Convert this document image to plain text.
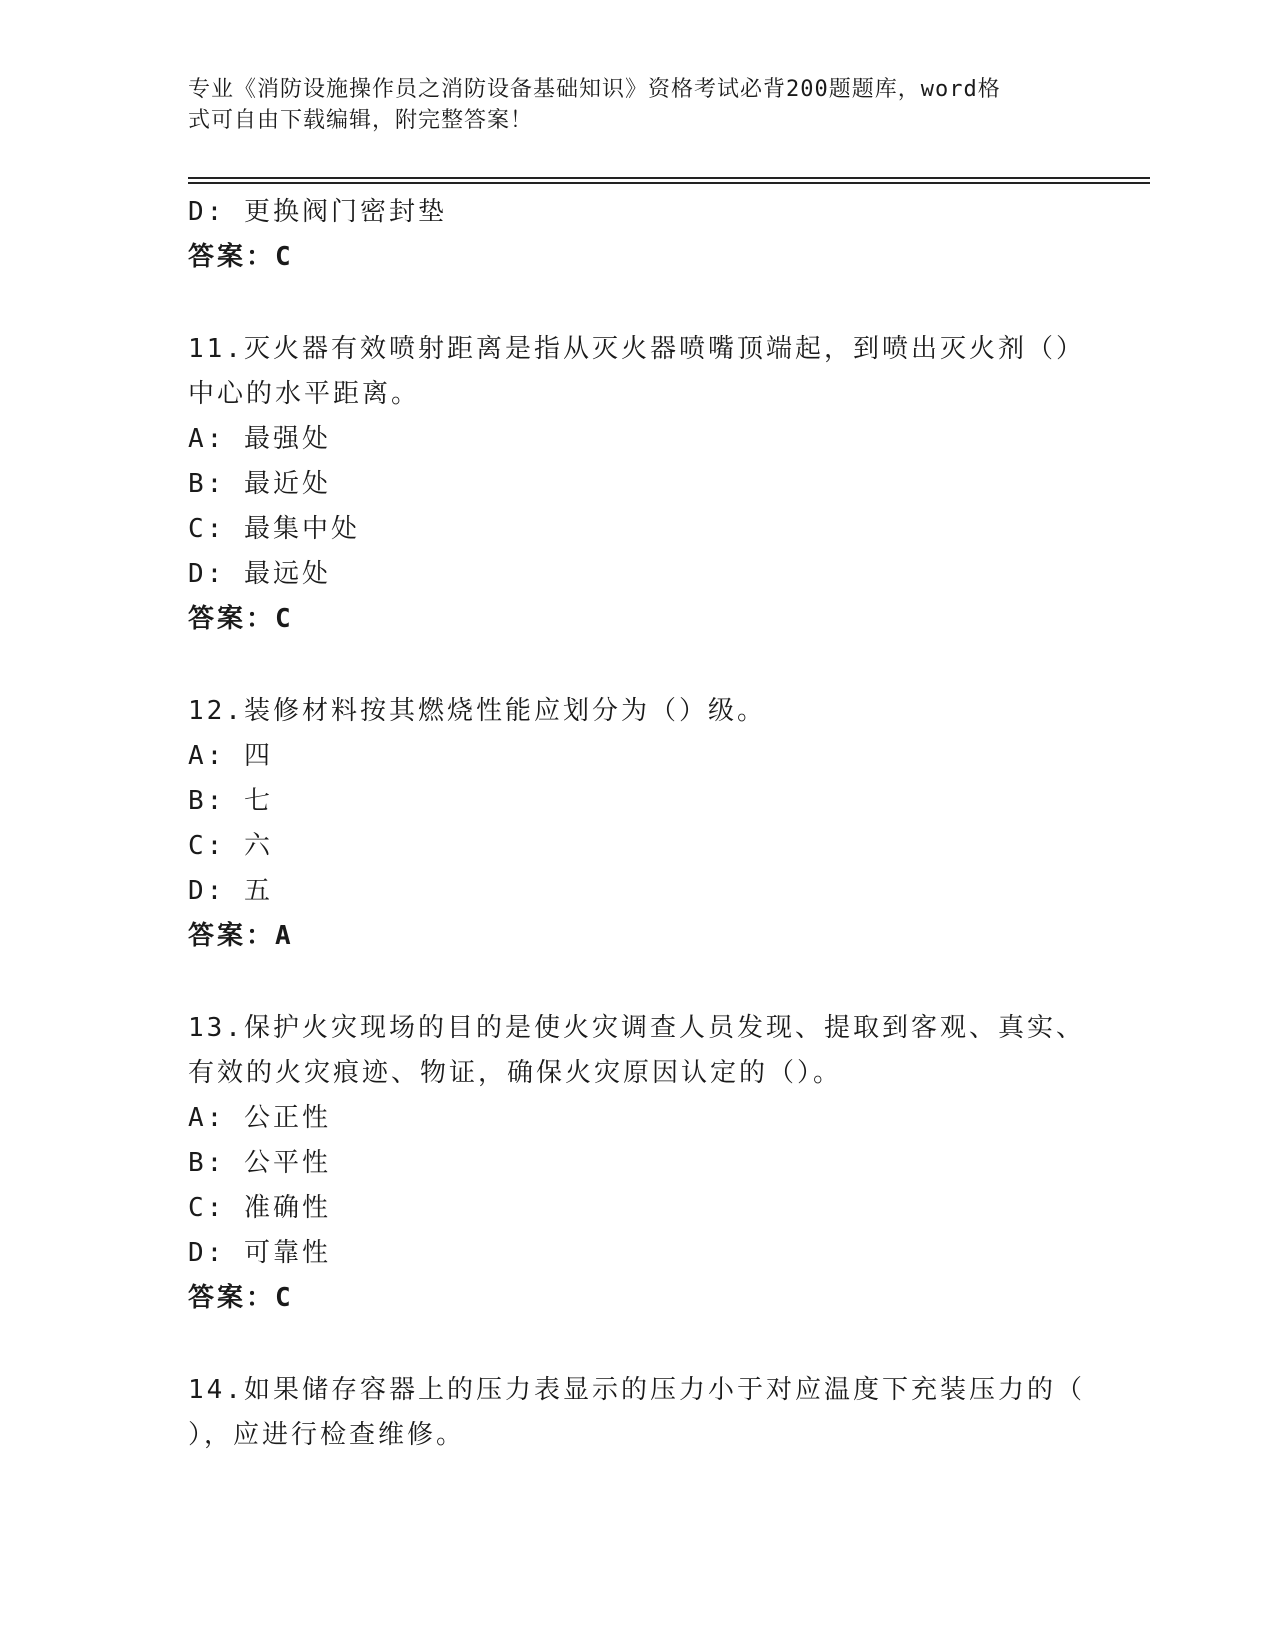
专业《消防设施操作员之消防设备基础知识》资格考试必背200题题库，word格
式可自由下载编辑，附完整答案！
D: 更换阀门密封垫
答案：C
11.灭火器有效喷射距离是指从灭火器喷嘴顶端起，到喷出灭火剂（）
中心的水平距离。
A: 最强处
B: 最近处
C: 最集中处
D: 最远处
答案：C
12.装修材料按其燃烧性能应划分为（）级。
A: 四
B: 七
C: 六
D: 五
答案：A
13.保护火灾现场的目的是使火灾调查人员发现、提取到客观、真实、
有效的火灾痕迹、物证，确保火灾原因认定的（）。
A: 公正性
B: 公平性
C: 准确性
D: 可靠性
答案：C
14.如果储存容器上的压力表显示的压力小于对应温度下充装压力的（
），应进行检查维修。
